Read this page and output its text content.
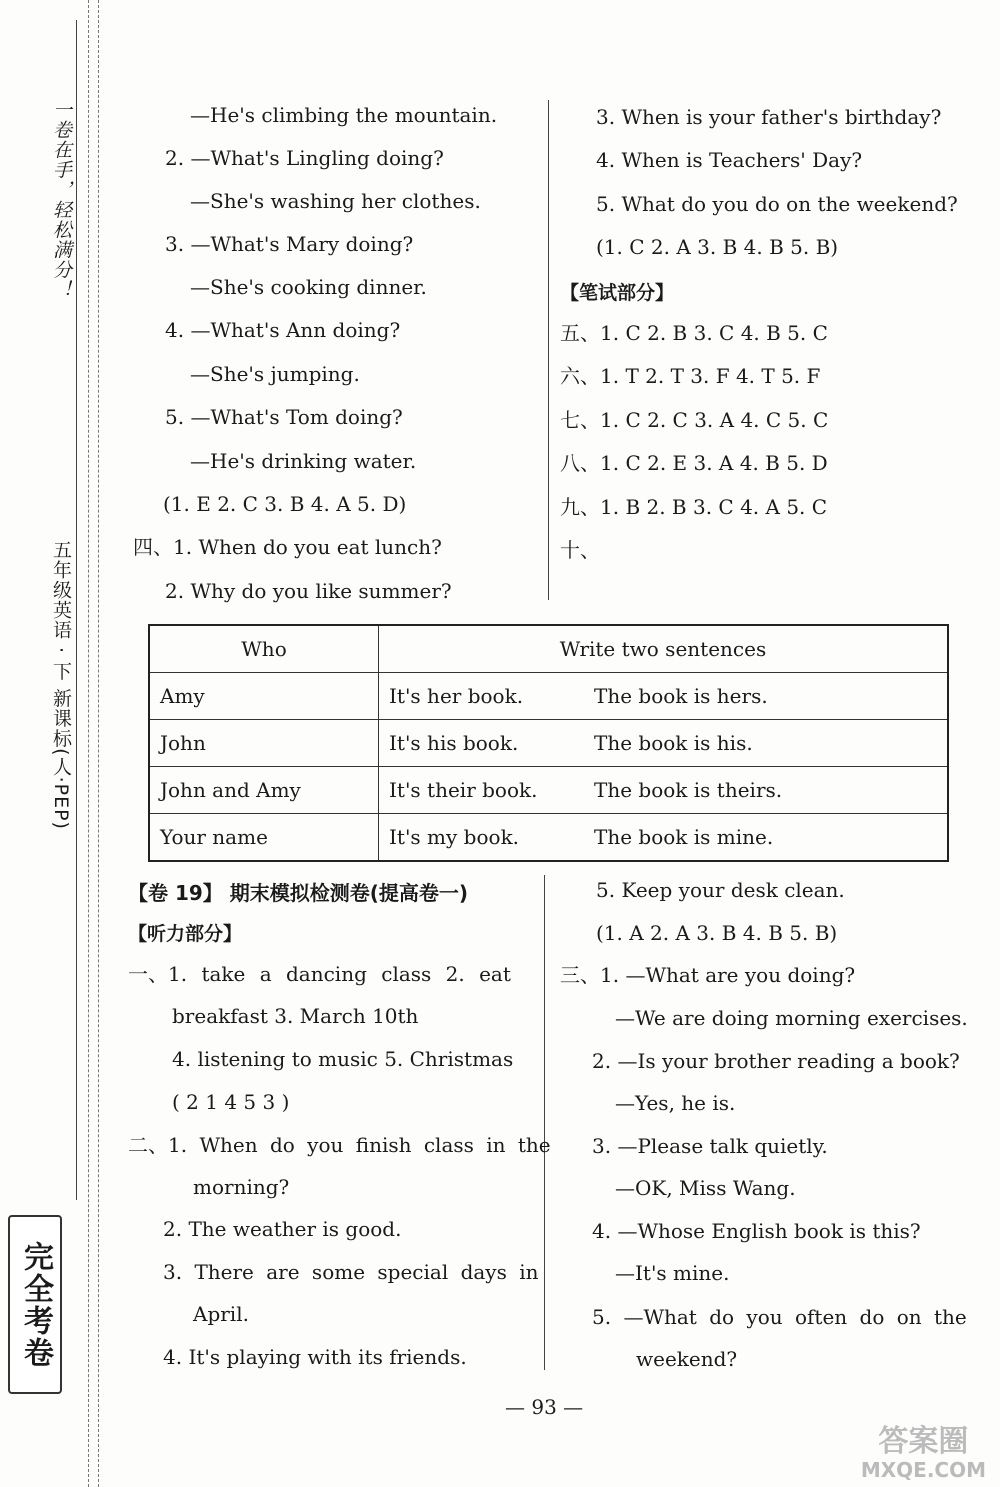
一卷在手，轻松满分！
五年级英语 · 下 新课标(人·PEP)
完全考卷
—He's climbing the mountain.
2. —What's Lingling doing?
—She's washing her clothes.
3. —What's Mary doing?
—She's cooking dinner.
4. —What's Ann doing?
—She's jumping.
5. —What's Tom doing?
—He's drinking water.
(1. E 2. C 3. B 4. A 5. D)
四、1. When do you eat lunch?
2. Why do you like summer?
3. When is your father's birthday?
4. When is Teachers' Day?
5. What do you do on the weekend?
(1. C 2. A 3. B 4. B 5. B)
【笔试部分】
五、1. C 2. B 3. C 4. B 5. C
六、1. T 2. T 3. F 4. T 5. F
七、1. C 2. C 3. A 4. C 5. C
八、1. C 2. E 3. A 4. B 5. D
九、1. B 2. B 3. C 4. A 5. C
十、
Who	Write two sentences	
Amy	It's her book.	The book is hers.
John	It's his book.	The book is his.
John and Amy	It's their book.	The book is theirs.
Your name	It's my book.	The book is mine.
【卷 19】 期末模拟检测卷(提高卷一)
【听力部分】
一、1. take a dancing class 2. eat
breakfast 3. March 10th
4. listening to music 5. Christmas
( 2 1 4 5 3 )
二、1. When do you finish class in the
morning?
2. The weather is good.
3. There are some special days in
April.
4. It's playing with its friends.
5. Keep your desk clean.
(1. A 2. A 3. B 4. B 5. B)
三、1. —What are you doing?
—We are doing morning exercises.
2. —Is your brother reading a book?
—Yes, he is.
3. —Please talk quietly.
—OK, Miss Wang.
4. —Whose English book is this?
—It's mine.
5. —What do you often do on the
weekend?
— 93 —
答案圈
MXQE.COM
